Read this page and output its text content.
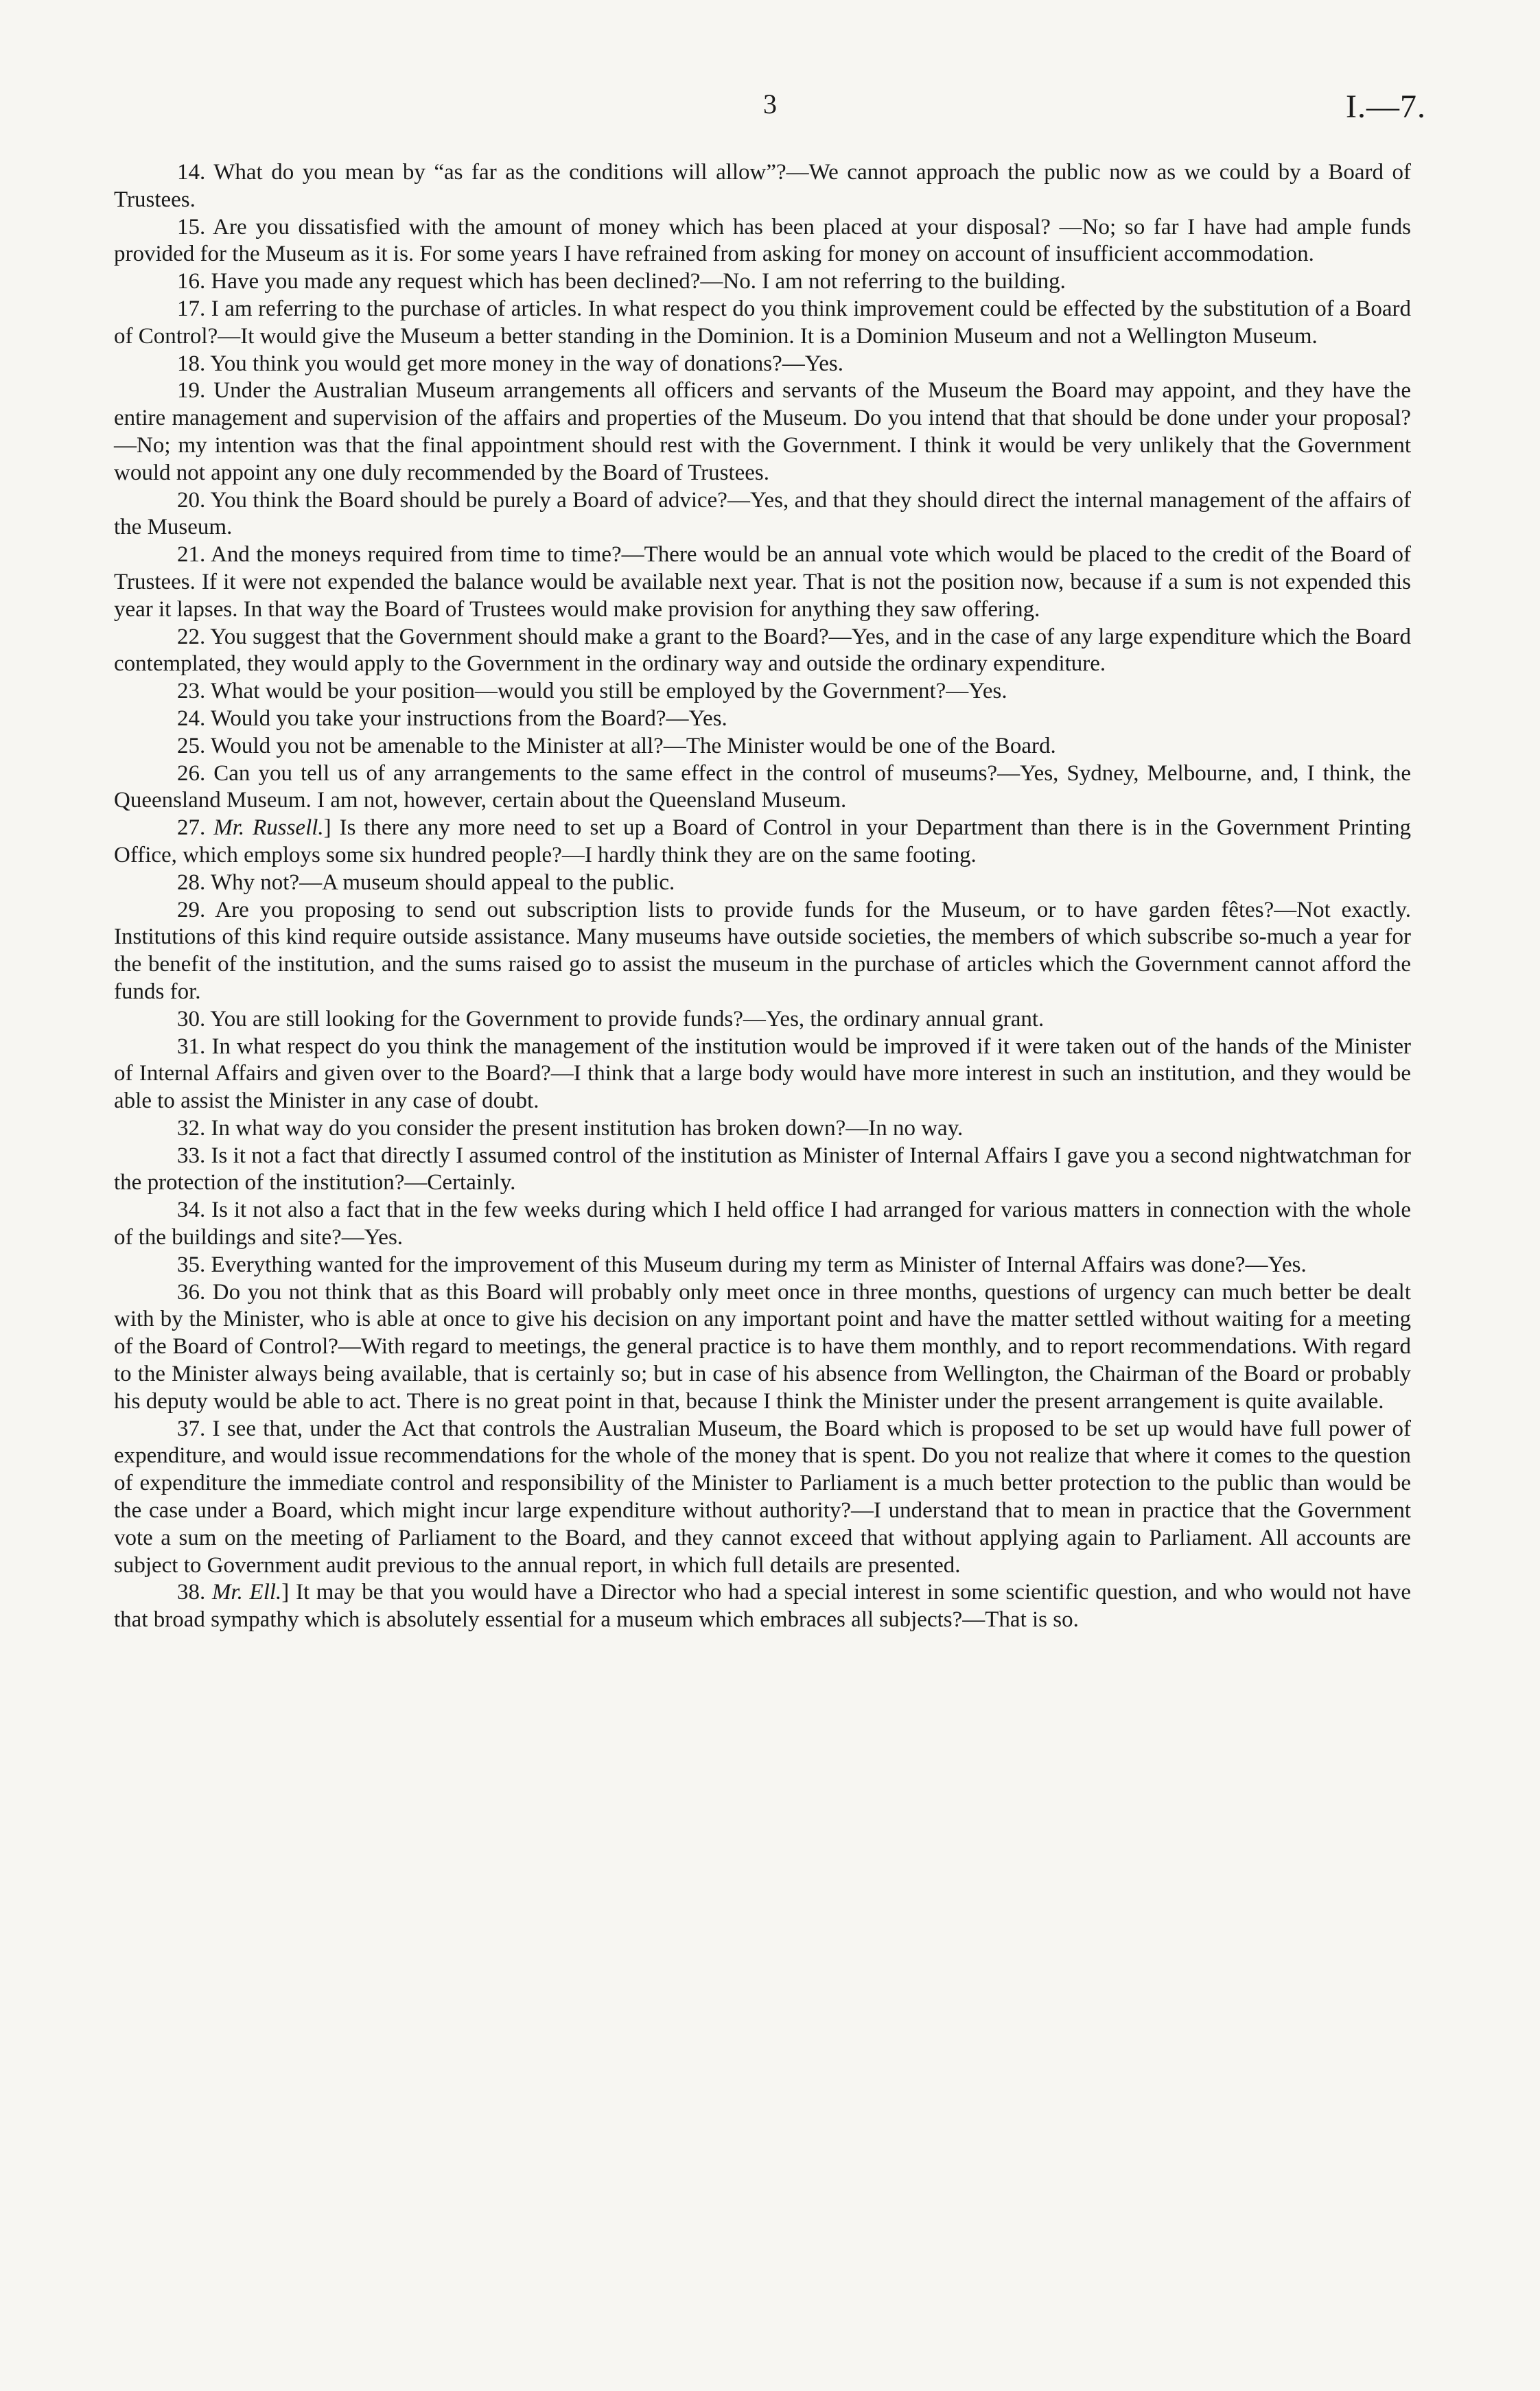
3	I.—7.

14. What do you mean by “as far as the conditions will allow”?—We cannot approach the public now as we could by a Board of Trustees.

15. Are you dissatisfied with the amount of money which has been placed at your disposal? —No; so far I have had ample funds provided for the Museum as it is. For some years I have refrained from asking for money on account of insufficient accommodation.

16. Have you made any request which has been declined?—No. I am not referring to the building.

17. I am referring to the purchase of articles. In what respect do you think improvement could be effected by the substitution of a Board of Control?—It would give the Museum a better standing in the Dominion. It is a Dominion Museum and not a Wellington Museum.

18. You think you would get more money in the way of donations?—Yes.

19. Under the Australian Museum arrangements all officers and servants of the Museum the Board may appoint, and they have the entire management and supervision of the affairs and properties of the Museum. Do you intend that that should be done under your proposal?—No; my intention was that the final appointment should rest with the Government. I think it would be very unlikely that the Government would not appoint any one duly recommended by the Board of Trustees.

20. You think the Board should be purely a Board of advice?—Yes, and that they should direct the internal management of the affairs of the Museum.

21. And the moneys required from time to time?—There would be an annual vote which would be placed to the credit of the Board of Trustees. If it were not expended the balance would be available next year. That is not the position now, because if a sum is not expended this year it lapses. In that way the Board of Trustees would make provision for anything they saw offering.

22. You suggest that the Government should make a grant to the Board?—Yes, and in the case of any large expenditure which the Board contemplated, they would apply to the Government in the ordinary way and outside the ordinary expenditure.

23. What would be your position—would you still be employed by the Government?—Yes.

24. Would you take your instructions from the Board?—Yes.

25. Would you not be amenable to the Minister at all?—The Minister would be one of the Board.

26. Can you tell us of any arrangements to the same effect in the control of museums?—Yes, Sydney, Melbourne, and, I think, the Queensland Museum. I am not, however, certain about the Queensland Museum.

27. Mr. Russell.] Is there any more need to set up a Board of Control in your Department than there is in the Government Printing Office, which employs some six hundred people?—I hardly think they are on the same footing.

28. Why not?—A museum should appeal to the public.

29. Are you proposing to send out subscription lists to provide funds for the Museum, or to have garden fêtes?—Not exactly. Institutions of this kind require outside assistance. Many museums have outside societies, the members of which subscribe so-much a year for the benefit of the institution, and the sums raised go to assist the museum in the purchase of articles which the Government cannot afford the funds for.

30. You are still looking for the Government to provide funds?—Yes, the ordinary annual grant.

31. In what respect do you think the management of the institution would be improved if it were taken out of the hands of the Minister of Internal Affairs and given over to the Board?—I think that a large body would have more interest in such an institution, and they would be able to assist the Minister in any case of doubt.

32. In what way do you consider the present institution has broken down?—In no way.

33. Is it not a fact that directly I assumed control of the institution as Minister of Internal Affairs I gave you a second nightwatchman for the protection of the institution?—Certainly.

34. Is it not also a fact that in the few weeks during which I held office I had arranged for various matters in connection with the whole of the buildings and site?—Yes.

35. Everything wanted for the improvement of this Museum during my term as Minister of Internal Affairs was done?—Yes.

36. Do you not think that as this Board will probably only meet once in three months, questions of urgency can much better be dealt with by the Minister, who is able at once to give his decision on any important point and have the matter settled without waiting for a meeting of the Board of Control?—With regard to meetings, the general practice is to have them monthly, and to report recommendations. With regard to the Minister always being available, that is certainly so; but in case of his absence from Wellington, the Chairman of the Board or probably his deputy would be able to act. There is no great point in that, because I think the Minister under the present arrangement is quite available.

37. I see that, under the Act that controls the Australian Museum, the Board which is proposed to be set up would have full power of expenditure, and would issue recommendations for the whole of the money that is spent. Do you not realize that where it comes to the question of expenditure the immediate control and responsibility of the Minister to Parliament is a much better protection to the public than would be the case under a Board, which might incur large expenditure without authority?—I understand that to mean in practice that the Government vote a sum on the meeting of Parliament to the Board, and they cannot exceed that without applying again to Parliament. All accounts are subject to Government audit previous to the annual report, in which full details are presented.

38. Mr. Ell.] It may be that you would have a Director who had a special interest in some scientific question, and who would not have that broad sympathy which is absolutely essential for a museum which embraces all subjects?—That is so.
